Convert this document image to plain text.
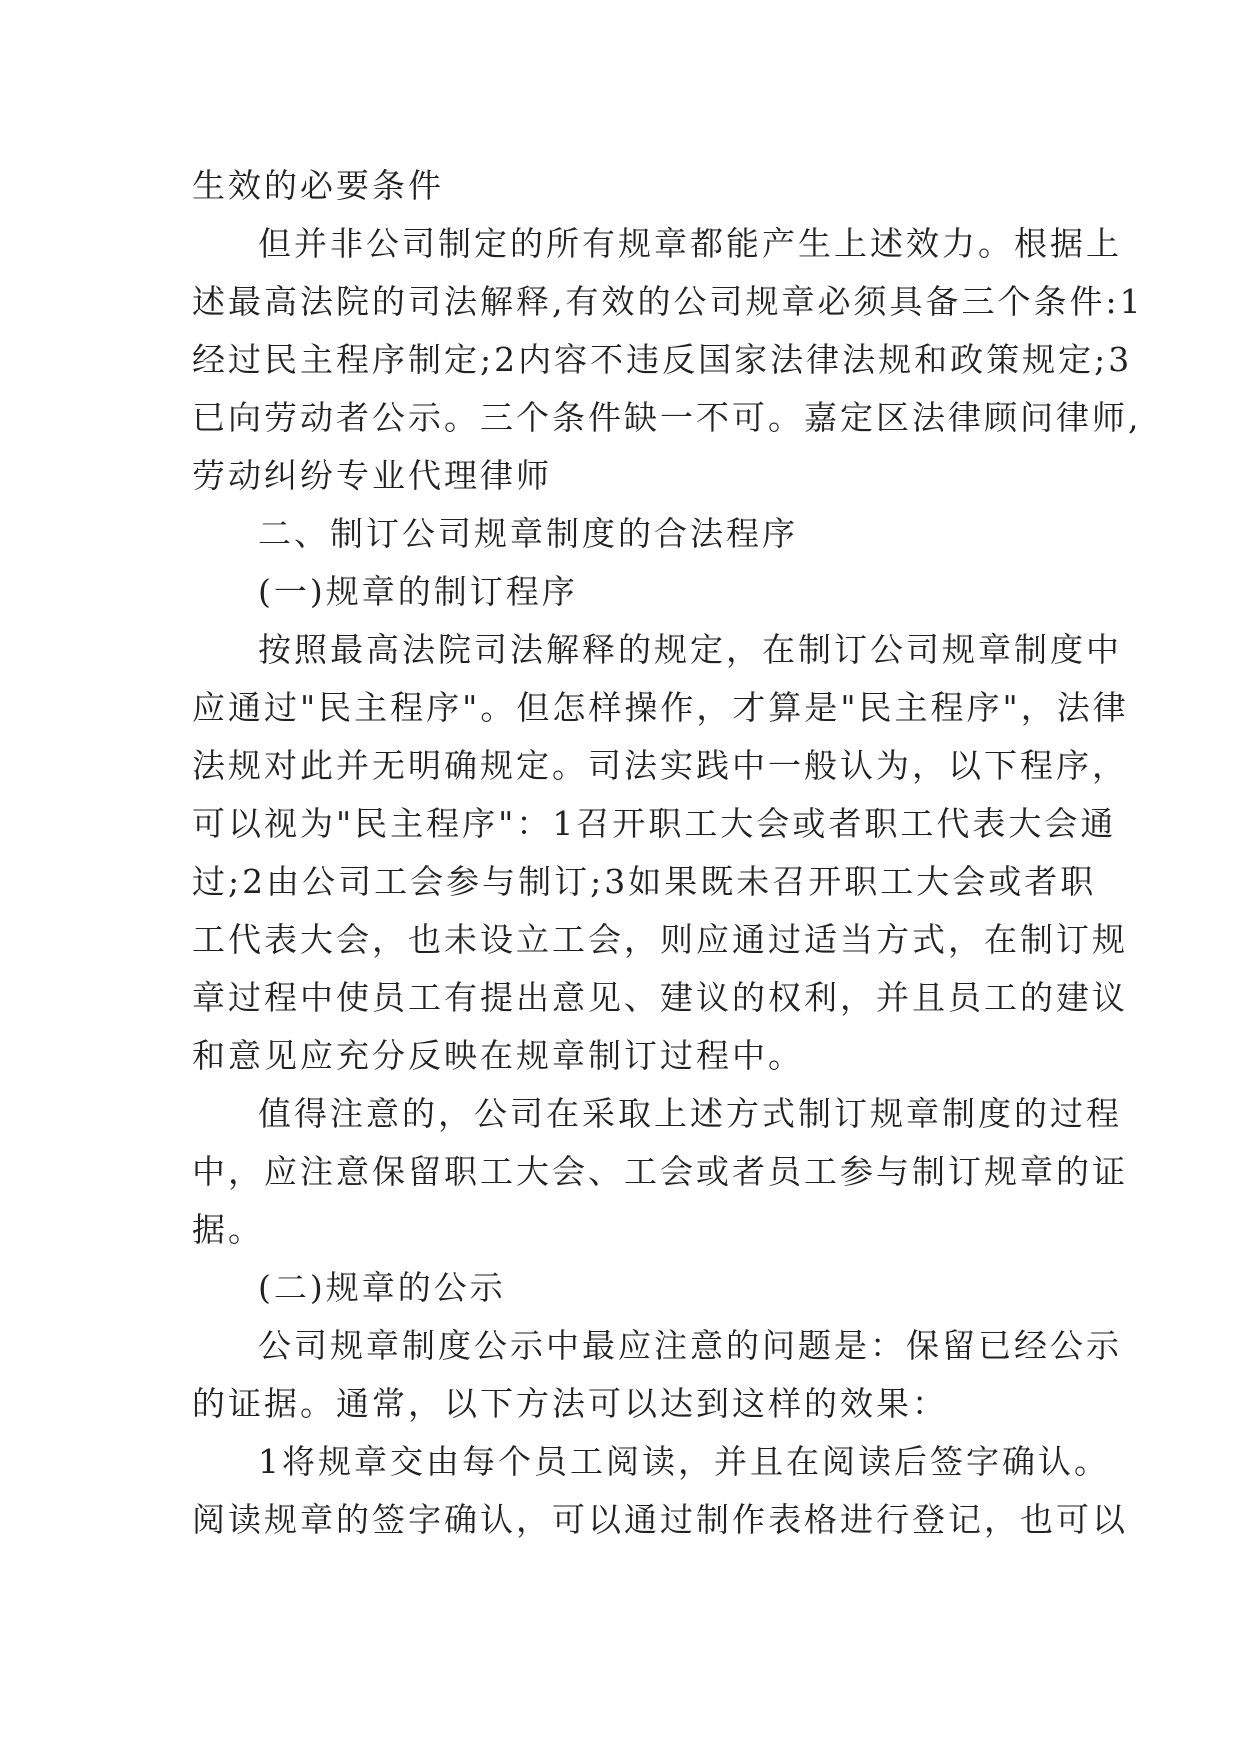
生效的必要条件

但并非公司制定的所有规章都能产生上述效力。根据上
述最高法院的司法解释,有效的公司规章必须具备三个条件:1
经过民主程序制定;2内容不违反国家法律法规和政策规定;3
已向劳动者公示。三个条件缺一不可。嘉定区法律顾问律师,
劳动纠纷专业代理律师

二、制订公司规章制度的合法程序

(一)规章的制订程序

按照最高法院司法解释的规定，在制订公司规章制度中
应通过"民主程序"。但怎样操作，才算是"民主程序"，法律
法规对此并无明确规定。司法实践中一般认为，以下程序，
可以视为"民主程序"：1召开职工大会或者职工代表大会通
过;2由公司工会参与制订;3如果既未召开职工大会或者职
工代表大会，也未设立工会，则应通过适当方式，在制订规
章过程中使员工有提出意见、建议的权利，并且员工的建议
和意见应充分反映在规章制订过程中。

值得注意的，公司在采取上述方式制订规章制度的过程
中，应注意保留职工大会、工会或者员工参与制订规章的证
据。

(二)规章的公示

公司规章制度公示中最应注意的问题是：保留已经公示
的证据。通常，以下方法可以达到这样的效果：

1将规章交由每个员工阅读，并且在阅读后签字确认。
阅读规章的签字确认，可以通过制作表格进行登记，也可以
